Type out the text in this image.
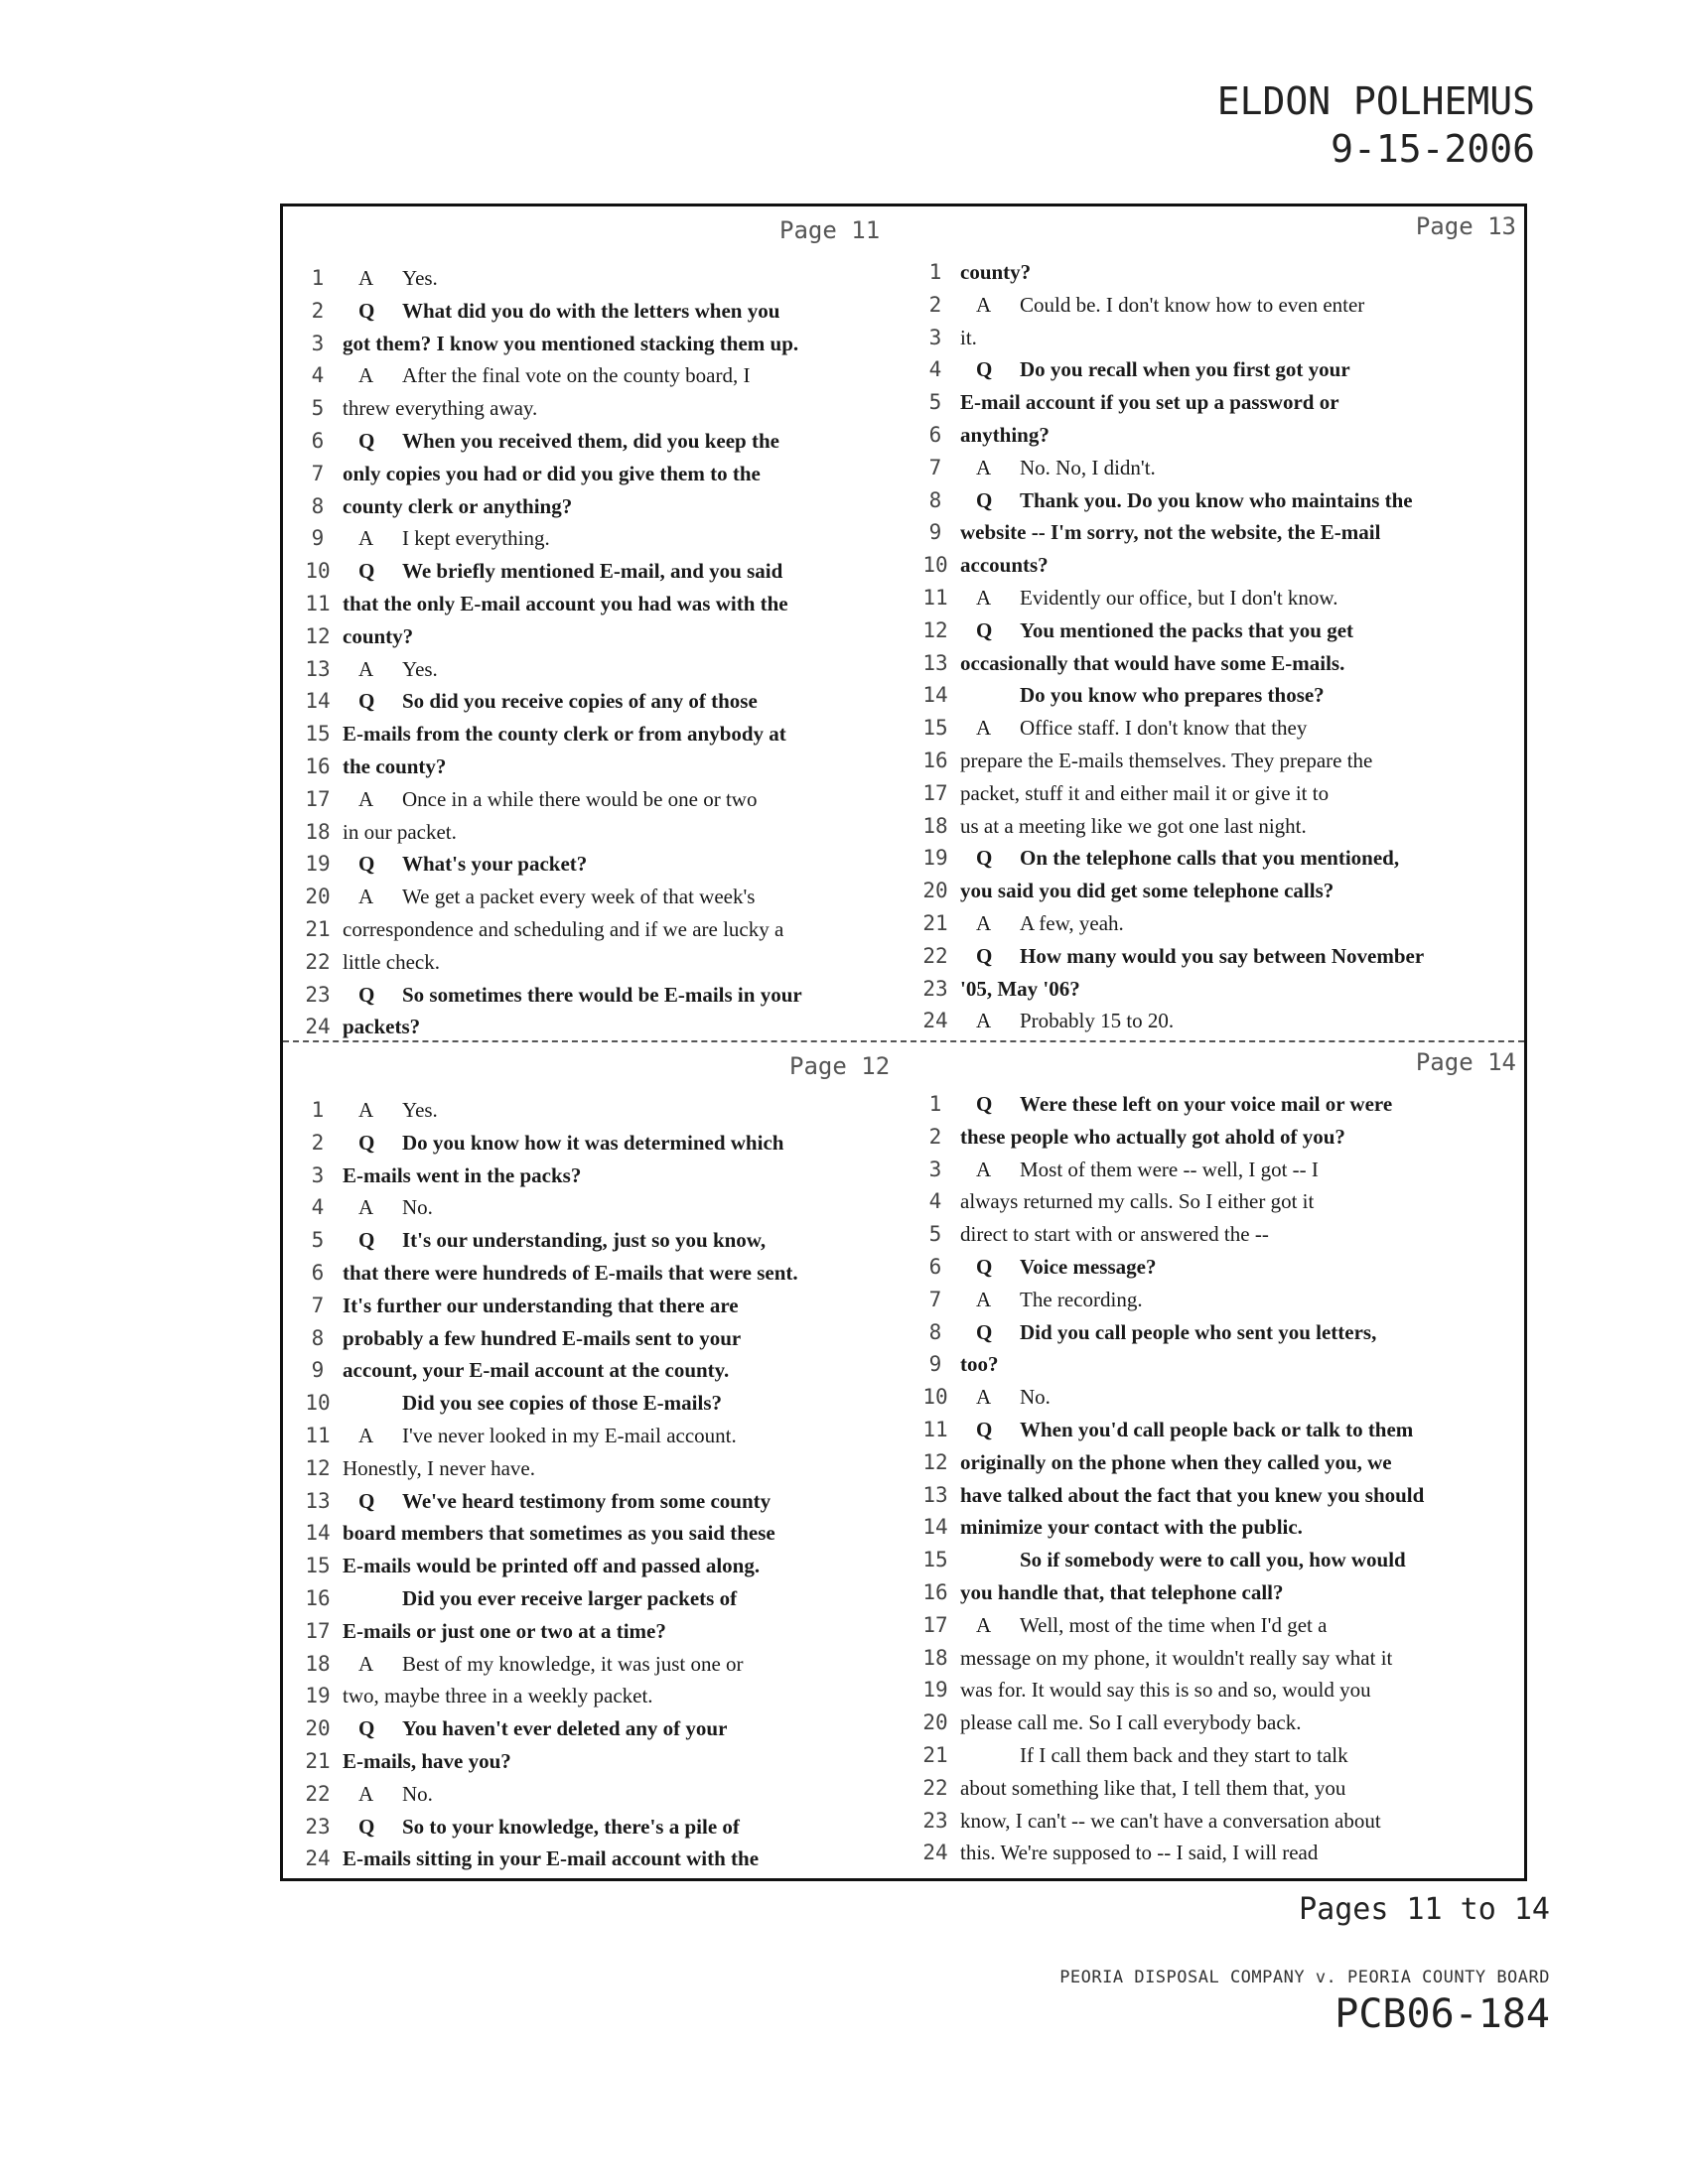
ELDON POLHEMUS
9-15-2006
Page 11
1	A Yes.
2	Q What did you do with the letters when you
3 got them? I know you mentioned stacking them up.
4	A After the final vote on the county board, I
5 threw everything away.
6	Q When you received them, did you keep the
7 only copies you had or did you give them to the
8 county clerk or anything?
9	A I kept everything.
10	Q We briefly mentioned E-mail, and you said
11 that the only E-mail account you had was with the
12 county?
13	A Yes.
14	Q So did you receive copies of any of those
15 E-mails from the county clerk or from anybody at
16 the county?
17	A Once in a while there would be one or two
18 in our packet.
19	Q What's your packet?
20	A We get a packet every week of that week's
21 correspondence and scheduling and if we are lucky a
22 little check.
23	Q So sometimes there would be E-mails in your
24 packets?
Page 13
1 county?
2	A Could be. I don't know how to even enter
3 it.
4	Q Do you recall when you first got your
5 E-mail account if you set up a password or
6 anything?
7	A No. No, I didn't.
8	Q Thank you. Do you know who maintains the
9 website -- I'm sorry, not the website, the E-mail
10 accounts?
11	A Evidently our office, but I don't know.
12	Q You mentioned the packs that you get
13 occasionally that would have some E-mails.
14	Do you know who prepares those?
15	A Office staff. I don't know that they
16 prepare the E-mails themselves. They prepare the
17 packet, stuff it and either mail it or give it to
18 us at a meeting like we got one last night.
19	Q On the telephone calls that you mentioned,
20 you said you did get some telephone calls?
21	A A few, yeah.
22	Q How many would you say between November
23 '05, May '06?
24	A Probably 15 to 20.
Page 12
1	A Yes.
2	Q Do you know how it was determined which
3 E-mails went in the packs?
4	A No.
5	Q It's our understanding, just so you know,
6 that there were hundreds of E-mails that were sent.
7 It's further our understanding that there are
8 probably a few hundred E-mails sent to your
9 account, your E-mail account at the county.
10	Did you see copies of those E-mails?
11	A I've never looked in my E-mail account.
12 Honestly, I never have.
13	Q We've heard testimony from some county
14 board members that sometimes as you said these
15 E-mails would be printed off and passed along.
16	Did you ever receive larger packets of
17 E-mails or just one or two at a time?
18	A Best of my knowledge, it was just one or
19 two, maybe three in a weekly packet.
20	Q You haven't ever deleted any of your
21 E-mails, have you?
22	A No.
23	Q So to your knowledge, there's a pile of
24 E-mails sitting in your E-mail account with the
Page 14
1	Q Were these left on your voice mail or were
2 these people who actually got ahold of you?
3	A Most of them were -- well, I got -- I
4 always returned my calls. So I either got it
5 direct to start with or answered the --
6	Q Voice message?
7	A The recording.
8	Q Did you call people who sent you letters,
9 too?
10	A No.
11	Q When you'd call people back or talk to them
12 originally on the phone when they called you, we
13 have talked about the fact that you knew you should
14 minimize your contact with the public.
15	So if somebody were to call you, how would
16 you handle that, that telephone call?
17	A Well, most of the time when I'd get a
18 message on my phone, it wouldn't really say what it
19 was for. It would say this is so and so, would you
20 please call me. So I call everybody back.
21	If I call them back and they start to talk
22 about something like that, I tell them that, you
23 know, I can't -- we can't have a conversation about
24 this. We're supposed to -- I said, I will read
Pages 11 to 14
PEORIA DISPOSAL COMPANY v. PEORIA COUNTY BOARD
PCB06-184
